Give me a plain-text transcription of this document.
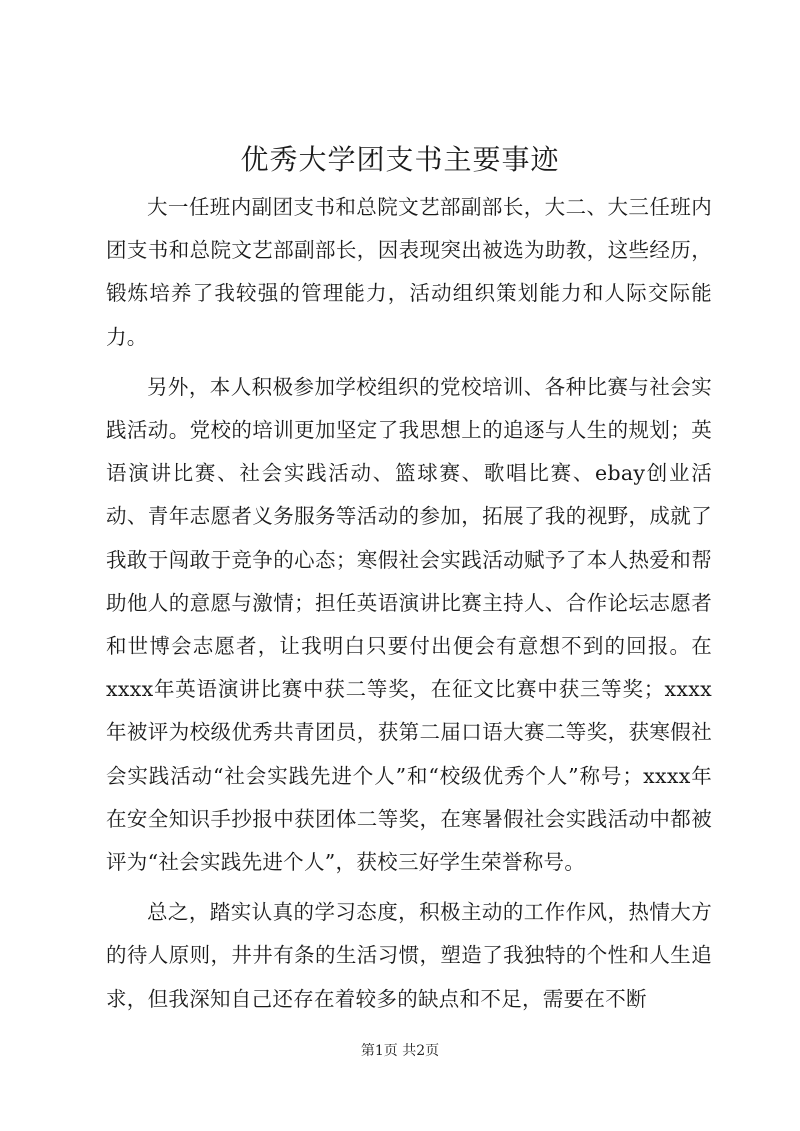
优秀大学团支书主要事迹

大一任班内副团支书和总院文艺部副部长，大二、大三任班内团支书和总院文艺部副部长，因表现突出被选为助教，这些经历，锻炼培养了我较强的管理能力，活动组织策划能力和人际交际能力。

另外，本人积极参加学校组织的党校培训、各种比赛与社会实践活动。党校的培训更加坚定了我思想上的追逐与人生的规划；英语演讲比赛、社会实践活动、篮球赛、歌唱比赛、ebay创业活动、青年志愿者义务服务等活动的参加，拓展了我的视野，成就了我敢于闯敢于竞争的心态；寒假社会实践活动赋予了本人热爱和帮助他人的意愿与激情；担任英语演讲比赛主持人、合作论坛志愿者和世博会志愿者，让我明白只要付出便会有意想不到的回报。在xxxx年英语演讲比赛中获二等奖，在征文比赛中获三等奖；xxxx年被评为校级优秀共青团员，获第二届口语大赛二等奖，获寒假社会实践活动“社会实践先进个人”和“校级优秀个人”称号；xxxx年在安全知识手抄报中获团体二等奖，在寒暑假社会实践活动中都被评为“社会实践先进个人”，获校三好学生荣誉称号。

总之，踏实认真的学习态度，积极主动的工作作风，热情大方的待人原则，井井有条的生活习惯，塑造了我独特的个性和人生追求，但我深知自己还存在着较多的缺点和不足，需要在不断

第1页 共2页
